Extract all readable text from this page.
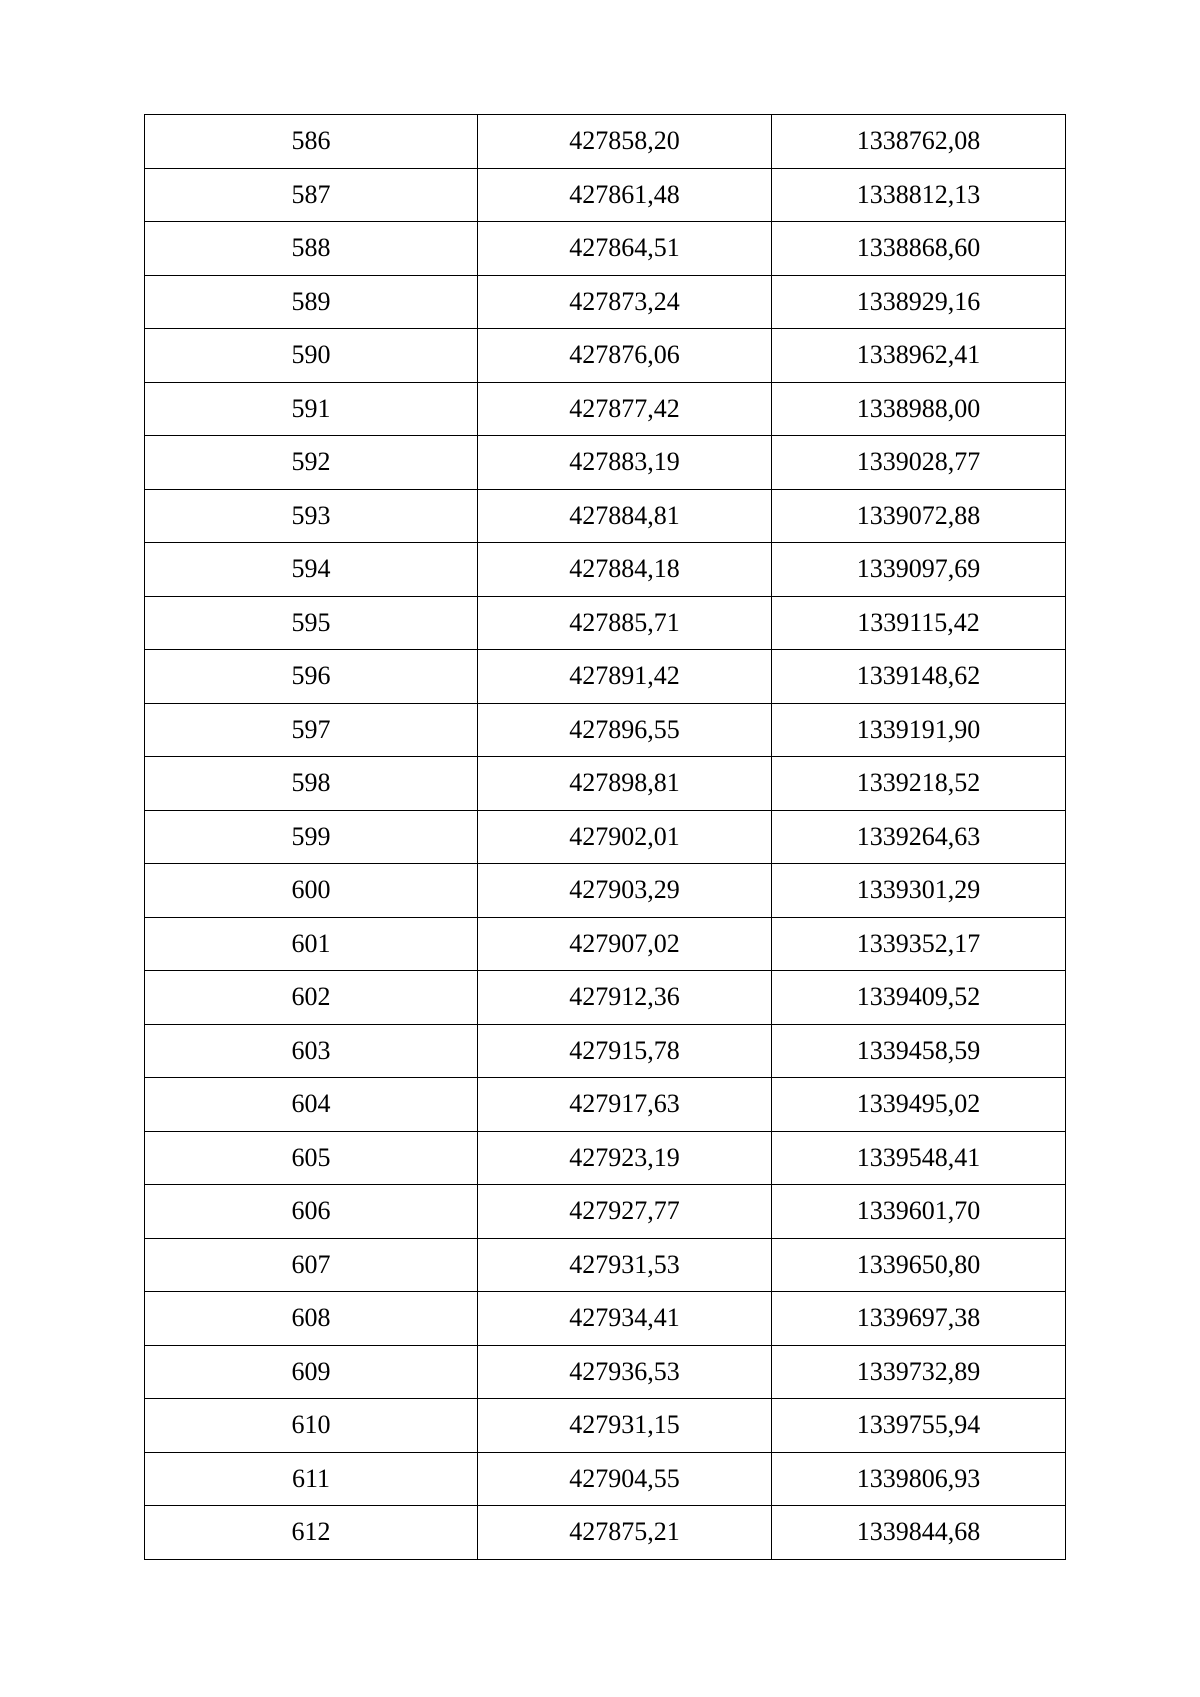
586	427858,20	1338762,08
587	427861,48	1338812,13
588	427864,51	1338868,60
589	427873,24	1338929,16
590	427876,06	1338962,41
591	427877,42	1338988,00
592	427883,19	1339028,77
593	427884,81	1339072,88
594	427884,18	1339097,69
595	427885,71	1339115,42
596	427891,42	1339148,62
597	427896,55	1339191,90
598	427898,81	1339218,52
599	427902,01	1339264,63
600	427903,29	1339301,29
601	427907,02	1339352,17
602	427912,36	1339409,52
603	427915,78	1339458,59
604	427917,63	1339495,02
605	427923,19	1339548,41
606	427927,77	1339601,70
607	427931,53	1339650,80
608	427934,41	1339697,38
609	427936,53	1339732,89
610	427931,15	1339755,94
611	427904,55	1339806,93
612	427875,21	1339844,68
